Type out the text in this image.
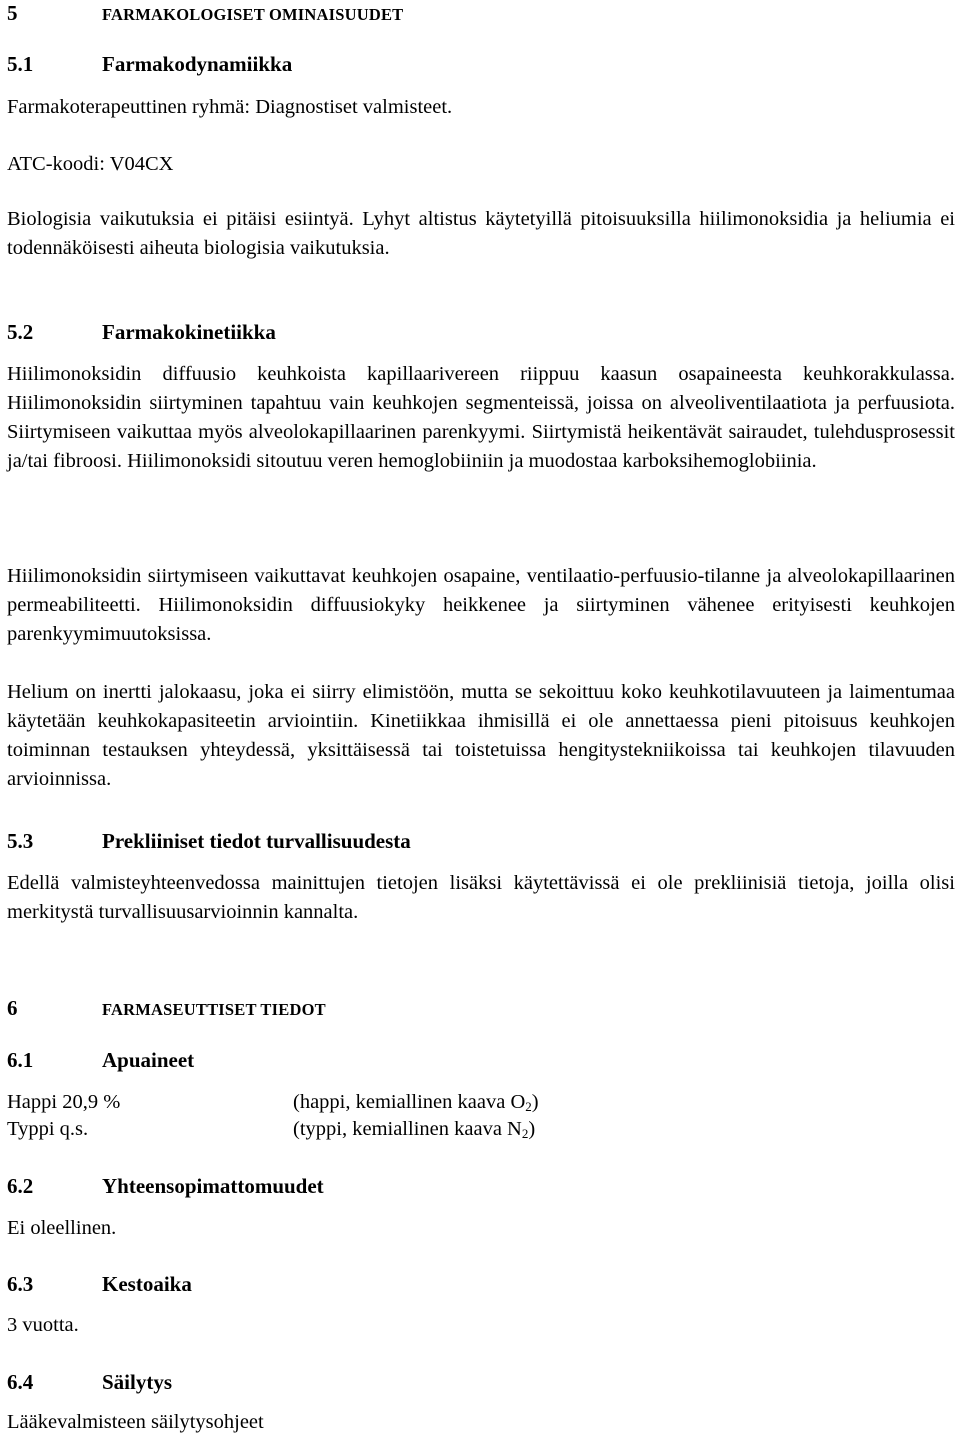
5	FARMAKOLOGISET OMINAISUUDET
5.1	Farmakodynamiikka
Farmakoterapeuttinen ryhmä: Diagnostiset valmisteet.
ATC-koodi: V04CX
Biologisia vaikutuksia ei pitäisi esiintyä. Lyhyt altistus käytetyillä pitoisuuksilla hiilimonoksidia ja heliumia ei todennäköisesti aiheuta biologisia vaikutuksia.
5.2	Farmakokinetiikka
Hiilimonoksidin diffuusio keuhkoista kapillaarivereen riippuu kaasun osapaineesta keuhkorakkulassa. Hiilimonoksidin siirtyminen tapahtuu vain keuhkojen segmenteissä, joissa on alveoliventilaatiota ja perfuusiota. Siirtymiseen vaikuttaa myös alveolokapillaarinen parenkyymi. Siirtymistä heikentävät sairaudet, tulehdusprosessit ja/tai fibroosi. Hiilimonoksidi sitoutuu veren hemoglobiiniin ja muodostaa karboksihemoglobiinia.
Hiilimonoksidin siirtymiseen vaikuttavat keuhkojen osapaine, ventilaatio-perfuusio-tilanne ja alveolokapillaarinen permeabiliteetti. Hiilimonoksidin diffuusiokyky heikkenee ja siirtyminen vähenee erityisesti keuhkojen parenkyymimuutoksissa.
Helium on inertti jalokaasu, joka ei siirry elimistöön, mutta se sekoittuu koko keuhkotilavuuteen ja laimentumaa käytetään keuhkokapasiteetin arviointiin. Kinetiikkaa ihmisillä ei ole annettaessa pieni pitoisuus keuhkojen toiminnan testauksen yhteydessä, yksittäisessä tai toistetuissa hengitystekniikoissa tai keuhkojen tilavuuden arvioinnissa.
5.3	Prekliiniset tiedot turvallisuudesta
Edellä valmisteyhteenvedossa mainittujen tietojen lisäksi käytettävissä ei ole prekliinisiä tietoja, joilla olisi merkitystä turvallisuusarvioinnin kannalta.
6	FARMASEUTTISET TIEDOT
6.1	Apuaineet
Happi 20,9 %	(happi, kemiallinen kaava $O_2$)
Typpi q.s.	(typpi, kemiallinen kaava $N_2$)
6.2	Yhteensopimattomuudet
Ei oleellinen.
6.3	Kestoaika
3 vuotta.
6.4	Säilytys
Lääkevalmisteen säilytysohjeet
